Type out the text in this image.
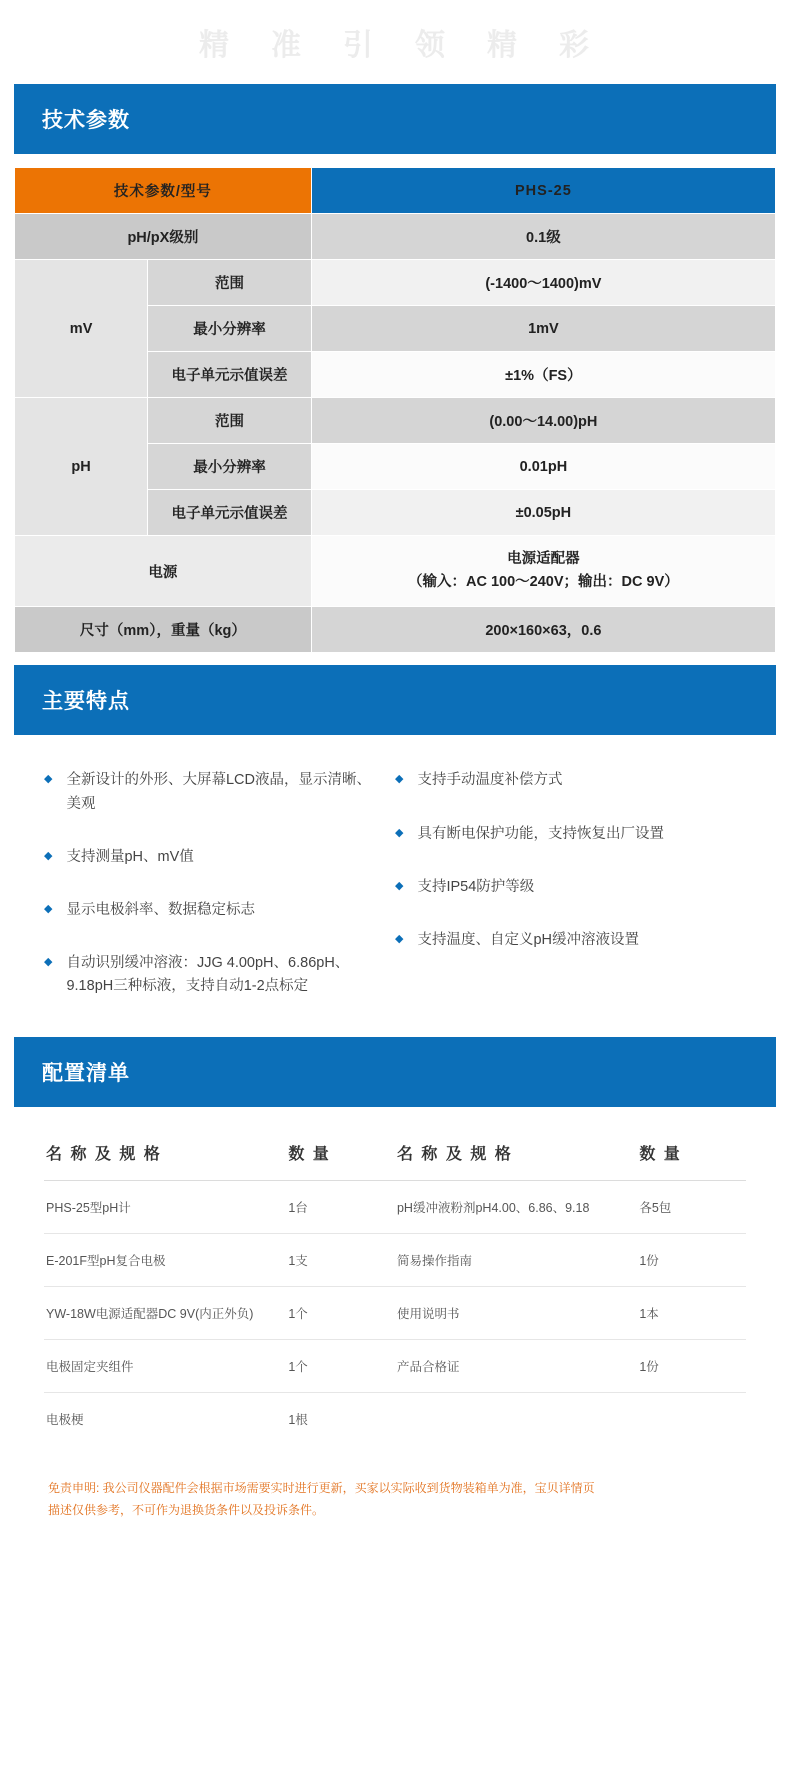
精 准 引 领 精 彩
技术参数
技术参数/型号		PHS-25
pH/pX级别		0.1级
mV	范围	(-1400～1400)mV
	最小分辨率	1mV
	电子单元示值误差	±1%（FS）
pH	范围	(0.00～14.00)pH
	最小分辨率	0.01pH
	电子单元示值误差	±0.05pH
电源		电源适配器
（输入：AC 100～240V；输出：DC 9V）

尺寸（mm），重量（kg）		200×160×63，0.6
主要特点
◆ 全新设计的外形、大屏幕LCD液晶，显示清晰、美观
◆ 支持测量pH、mV值
◆ 显示电极斜率、数据稳定标志
◆ 自动识别缓冲溶液：JJG 4.00pH、6.86pH、9.18pH三种标液，支持自动1-2点标定
◆ 支持手动温度补偿方式
◆ 具有断电保护功能，支持恢复出厂设置
◆ 支持IP54防护等级
◆ 支持温度、自定义pH缓冲溶液设置
配置清单
名 称 及 规 格	数 量	名 称 及 规 格	数 量
PHS-25型pH计	1台	pH缓冲液粉剂pH4.00、6.86、9.18	各5包
E-201F型pH复合电极	1支	简易操作指南	1份
YW-18W电源适配器DC 9V(内正外负)	1个	使用说明书	1本
电极固定夹组件	1个	产品合格证	1份
电极梗	1根		
免责申明: 我公司仪器配件会根据市场需要实时进行更新，买家以实际收到货物装箱单为准，宝贝详情页
描述仅供参考，不可作为退换货条件以及投诉条件。
